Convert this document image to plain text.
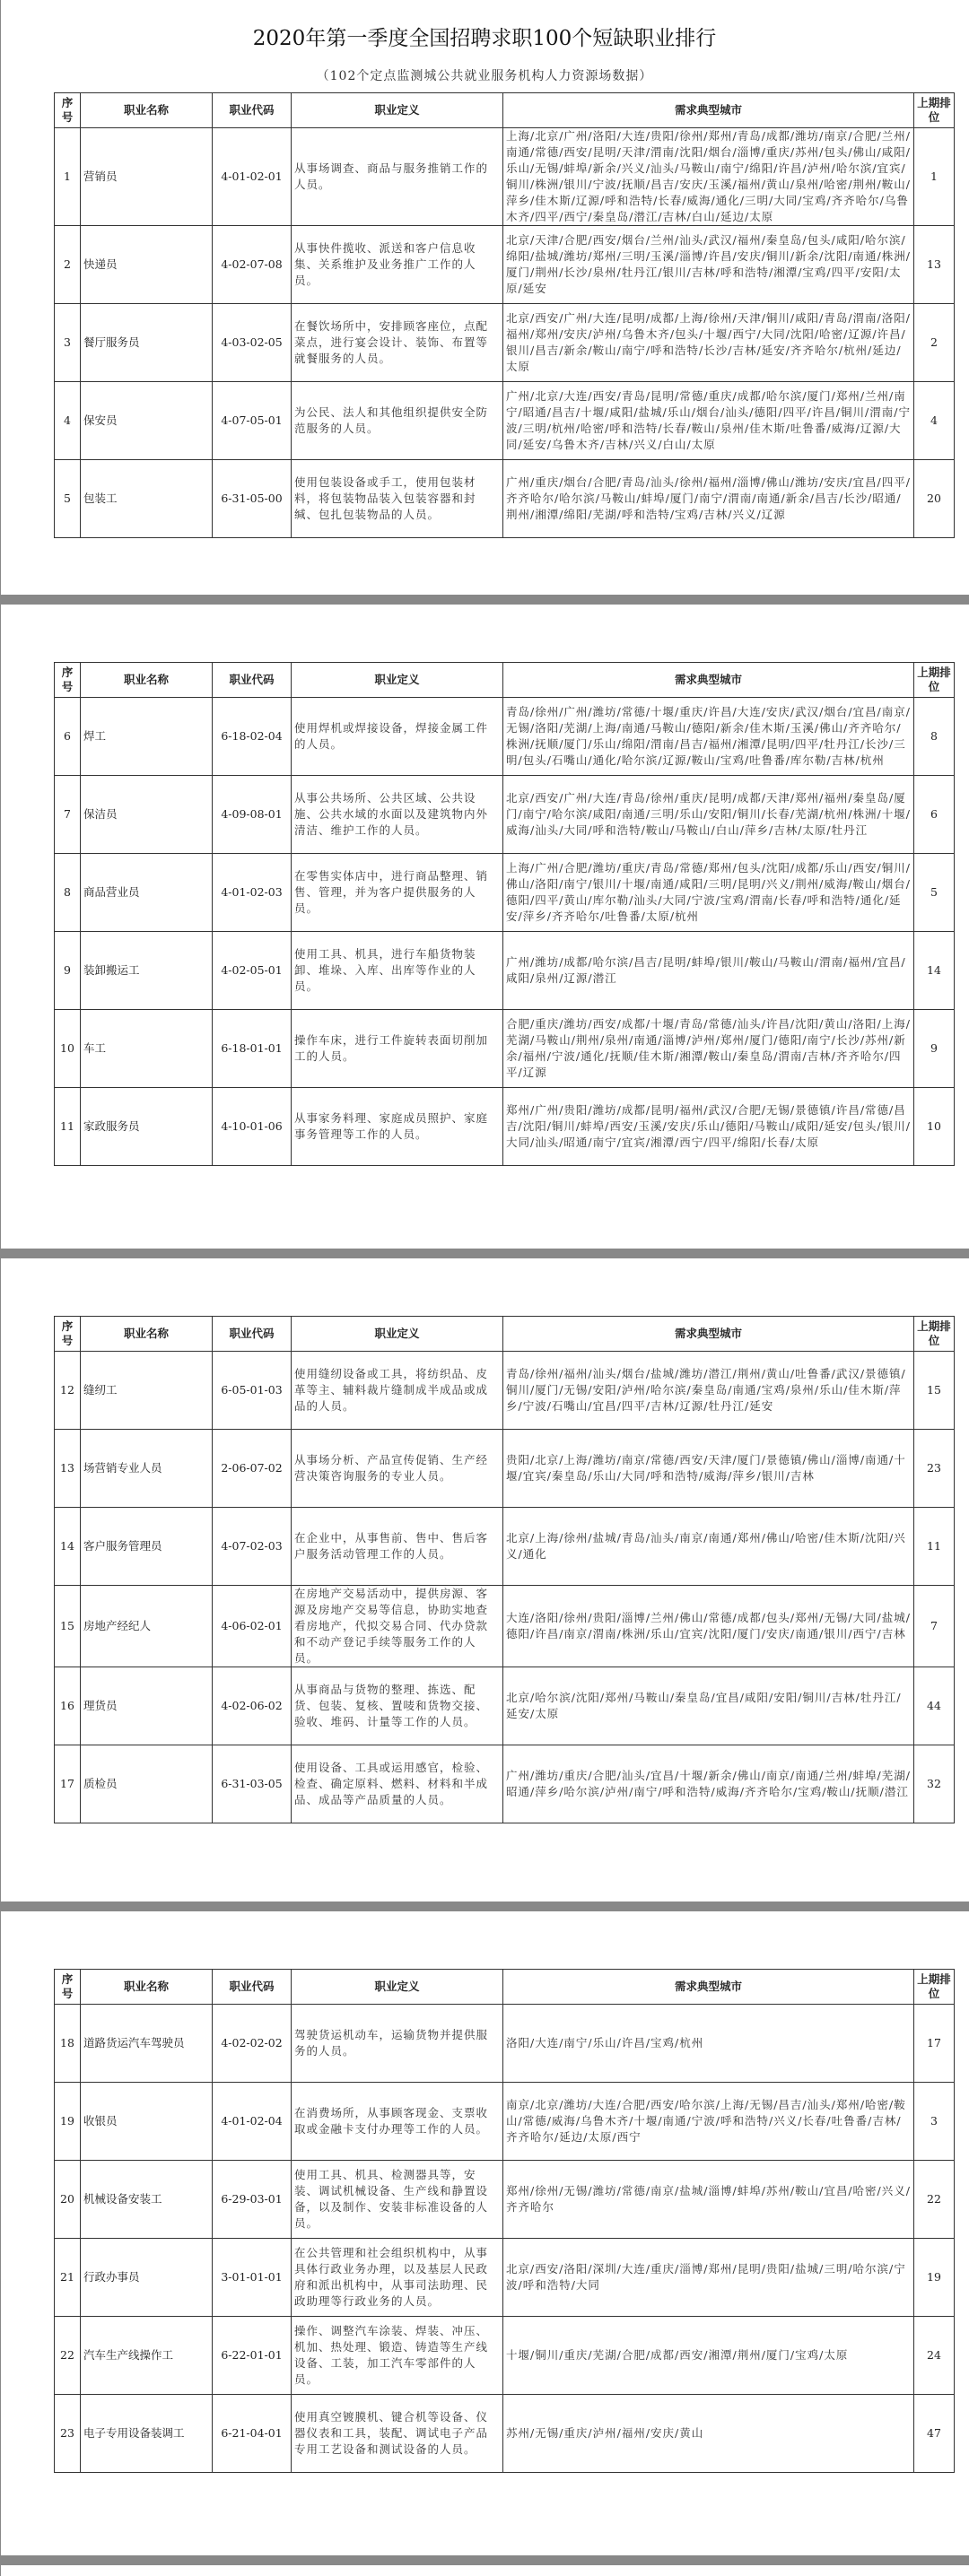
2020年第一季度全国招聘求职100个短缺职业排行
（102个定点监测城公共就业服务机构人力资源场数据）
序号	职业名称	职业代码	职业定义	需求典型城市	上期排位
1	营销员	4-01-02-01	从事场调查、商品与服务推销工作的人员。	上海/北京/广州/洛阳/大连/贵阳/徐州/郑州/青岛/成都/潍坊/南京/合肥/兰州/南通/常德/西安/昆明/天津/渭南/沈阳/烟台/淄博/重庆/苏州/包头/佛山/咸阳/乐山/无锡/蚌埠/新余/兴义/汕头/马鞍山/南宁/绵阳/许昌/泸州/哈尔滨/宜宾/铜川/株洲/银川/宁波/抚顺/昌吉/安庆/玉溪/福州/黄山/泉州/哈密/荆州/鞍山/萍乡/佳木斯/辽源/呼和浩特/长春/威海/通化/三明/大同/宝鸡/齐齐哈尔/乌鲁木齐/四平/西宁/秦皇岛/潜江/吉林/白山/延边/太原	1
2	快递员	4-02-07-08	从事快件揽收、派送和客户信息收集、关系维护及业务推广工作的人员。	北京/天津/合肥/西安/烟台/兰州/汕头/武汉/福州/秦皇岛/包头/咸阳/哈尔滨/绵阳/盐城/潍坊/郑州/三明/玉溪/淄博/许昌/安庆/铜川/新余/沈阳/南通/株洲/厦门/荆州/长沙/泉州/牡丹江/银川/吉林/呼和浩特/湘潭/宝鸡/四平/安阳/太原/延安	13
3	餐厅服务员	4-03-02-05	在餐饮场所中，安排顾客座位，点配菜点，进行宴会设计、装饰、布置等就餐服务的人员。	北京/西安/广州/大连/昆明/成都/上海/徐州/天津/铜川/咸阳/青岛/渭南/洛阳/福州/郑州/安庆/泸州/乌鲁木齐/包头/十堰/西宁/大同/沈阳/哈密/辽源/许昌/银川/昌吉/新余/鞍山/南宁/呼和浩特/长沙/吉林/延安/齐齐哈尔/杭州/延边/太原	2
4	保安员	4-07-05-01	为公民、法人和其他组织提供安全防范服务的人员。	广州/北京/大连/西安/青岛/昆明/常德/重庆/成都/哈尔滨/厦门/郑州/兰州/南宁/昭通/昌吉/十堰/咸阳/盐城/乐山/烟台/汕头/德阳/四平/许昌/铜川/渭南/宁波/三明/杭州/哈密/呼和浩特/长春/鞍山/泉州/佳木斯/吐鲁番/威海/辽源/大同/延安/乌鲁木齐/吉林/兴义/白山/太原	4
5	包装工	6-31-05-00	使用包装设备或手工，使用包装材料，将包装物品装入包装容器和封缄、包扎包装物品的人员。	广州/重庆/烟台/合肥/青岛/汕头/徐州/福州/淄博/佛山/潍坊/安庆/宜昌/四平/齐齐哈尔/哈尔滨/马鞍山/蚌埠/厦门/南宁/渭南/南通/新余/昌吉/长沙/昭通/荆州/湘潭/绵阳/芜湖/呼和浩特/宝鸡/吉林/兴义/辽源	20
序号	职业名称	职业代码	职业定义	需求典型城市	上期排位
6	焊工	6-18-02-04	使用焊机或焊接设备，焊接金属工件的人员。	青岛/徐州/广州/潍坊/常德/十堰/重庆/许昌/大连/安庆/武汉/烟台/宜昌/南京/无锡/洛阳/芜湖/上海/南通/马鞍山/德阳/新余/佳木斯/玉溪/佛山/齐齐哈尔/株洲/抚顺/厦门/乐山/绵阳/渭南/昌吉/福州/湘潭/昆明/四平/牡丹江/长沙/三明/包头/石嘴山/通化/哈尔滨/辽源/鞍山/宝鸡/吐鲁番/库尔勒/吉林/杭州	8
7	保洁员	4-09-08-01	从事公共场所、公共区域、公共设施、公共水域的水面以及建筑物内外清洁、维护工作的人员。	北京/西安/广州/大连/青岛/徐州/重庆/昆明/成都/天津/郑州/福州/秦皇岛/厦门/南宁/哈尔滨/咸阳/南通/三明/乐山/安阳/铜川/长春/芜湖/杭州/株洲/十堰/威海/汕头/大同/呼和浩特/鞍山/马鞍山/白山/萍乡/吉林/太原/牡丹江	6
8	商品营业员	4-01-02-03	在零售实体店中，进行商品整理、销售、管理，并为客户提供服务的人员。	上海/广州/合肥/潍坊/重庆/青岛/常德/郑州/包头/沈阳/成都/乐山/西安/铜川/佛山/洛阳/南宁/银川/十堰/南通/咸阳/三明/昆明/兴义/荆州/威海/鞍山/烟台/德阳/四平/黄山/库尔勒/汕头/大同/宁波/宝鸡/渭南/长春/呼和浩特/通化/延安/萍乡/齐齐哈尔/吐鲁番/太原/杭州	5
9	装卸搬运工	4-02-05-01	使用工具、机具，进行车船货物装卸、堆垛、入库、出库等作业的人员。	广州/潍坊/成都/哈尔滨/昌吉/昆明/蚌埠/银川/鞍山/马鞍山/渭南/福州/宜昌/咸阳/泉州/辽源/潜江	14
10	车工	6-18-01-01	操作车床，进行工件旋转表面切削加工的人员。	合肥/重庆/潍坊/西安/成都/十堰/青岛/常德/汕头/许昌/沈阳/黄山/洛阳/上海/芜湖/马鞍山/荆州/泉州/南通/淄博/泸州/郑州/厦门/德阳/南宁/长沙/苏州/新余/福州/宁波/通化/抚顺/佳木斯/湘潭/鞍山/秦皇岛/渭南/吉林/齐齐哈尔/四平/辽源	9
11	家政服务员	4-10-01-06	从事家务料理、家庭成员照护、家庭事务管理等工作的人员。	郑州/广州/贵阳/潍坊/成都/昆明/福州/武汉/合肥/无锡/景德镇/许昌/常德/昌吉/沈阳/铜川/蚌埠/西安/玉溪/安庆/乐山/德阳/马鞍山/咸阳/延安/包头/银川/大同/汕头/昭通/南宁/宜宾/湘潭/西宁/四平/绵阳/长春/太原	10
序号	职业名称	职业代码	职业定义	需求典型城市	上期排位
12	缝纫工	6-05-01-03	使用缝纫设备或工具，将纺织品、皮革等主、辅料裁片缝制成半成品或成品的人员。	青岛/徐州/福州/汕头/烟台/盐城/潍坊/潜江/荆州/黄山/吐鲁番/武汉/景德镇/铜川/厦门/无锡/安阳/泸州/哈尔滨/秦皇岛/南通/宝鸡/泉州/乐山/佳木斯/萍乡/宁波/石嘴山/宜昌/四平/吉林/辽源/牡丹江/延安	15
13	场营销专业人员	2-06-07-02	从事场分析、产品宣传促销、生产经营决策咨询服务的专业人员。	贵阳/北京/上海/潍坊/南京/常德/西安/天津/厦门/景德镇/佛山/淄博/南通/十堰/宜宾/秦皇岛/乐山/大同/呼和浩特/威海/萍乡/银川/吉林	23
14	客户服务管理员	4-07-02-03	在企业中，从事售前、售中、售后客户服务活动管理工作的人员。	北京/上海/徐州/盐城/青岛/汕头/南京/南通/郑州/佛山/哈密/佳木斯/沈阳/兴义/通化	11
15	房地产经纪人	4-06-02-01	在房地产交易活动中，提供房源、客源及房地产交易等信息，协助实地查看房地产，代拟交易合同、代办贷款和不动产登记手续等服务工作的人员。	大连/洛阳/徐州/贵阳/淄博/兰州/佛山/常德/成都/包头/郑州/无锡/大同/盐城/德阳/许昌/南京/渭南/株洲/乐山/宜宾/沈阳/厦门/安庆/南通/银川/西宁/吉林	7
16	理货员	4-02-06-02	从事商品与货物的整理、拣选、配货、包装、复核、置唛和货物交接、验收、堆码、计量等工作的人员。	北京/哈尔滨/沈阳/郑州/马鞍山/秦皇岛/宜昌/咸阳/安阳/铜川/吉林/牡丹江/延安/太原	44
17	质检员	6-31-03-05	使用设备、工具或运用感官，检验、检查、确定原料、燃料、材料和半成品、成品等产品质量的人员。	广州/潍坊/重庆/合肥/汕头/宜昌/十堰/新余/佛山/南京/南通/兰州/蚌埠/芜湖/昭通/萍乡/哈尔滨/泸州/南宁/呼和浩特/威海/齐齐哈尔/宝鸡/鞍山/抚顺/潜江	32
序号	职业名称	职业代码	职业定义	需求典型城市	上期排位
18	道路货运汽车驾驶员	4-02-02-02	驾驶货运机动车，运输货物并提供服务的人员。	洛阳/大连/南宁/乐山/许昌/宝鸡/杭州	17
19	收银员	4-01-02-04	在消费场所，从事顾客现金、支票收取或金融卡支付办理等工作的人员。	南京/北京/潍坊/大连/合肥/西安/哈尔滨/上海/无锡/昌吉/汕头/郑州/哈密/鞍山/常德/威海/乌鲁木齐/十堰/南通/宁波/呼和浩特/兴义/长春/吐鲁番/吉林/齐齐哈尔/延边/太原/西宁	3
20	机械设备安装工	6-29-03-01	使用工具、机具、检测器具等，安装、调试机械设备、生产线和静置设备，以及制作、安装非标准设备的人员。	郑州/徐州/无锡/潍坊/常德/南京/盐城/淄博/蚌埠/苏州/鞍山/宜昌/哈密/兴义/齐齐哈尔	22
21	行政办事员	3-01-01-01	在公共管理和社会组织机构中，从事具体行政业务办理，以及基层人民政府和派出机构中，从事司法助理、民政助理等行政业务的人员。	北京/西安/洛阳/深圳/大连/重庆/淄博/郑州/昆明/贵阳/盐城/三明/哈尔滨/宁波/呼和浩特/大同	19
22	汽车生产线操作工	6-22-01-01	操作、调整汽车涂装、焊装、冲压、机加、热处理、锻造、铸造等生产线设备、工装，加工汽车零部件的人员。	十堰/铜川/重庆/芜湖/合肥/成都/西安/湘潭/荆州/厦门/宝鸡/太原	24
23	电子专用设备装调工	6-21-04-01	使用真空镀膜机、键合机等设备、仪器仪表和工具，装配、调试电子产品专用工艺设备和测试设备的人员。	苏州/无锡/重庆/泸州/福州/安庆/黄山	47
